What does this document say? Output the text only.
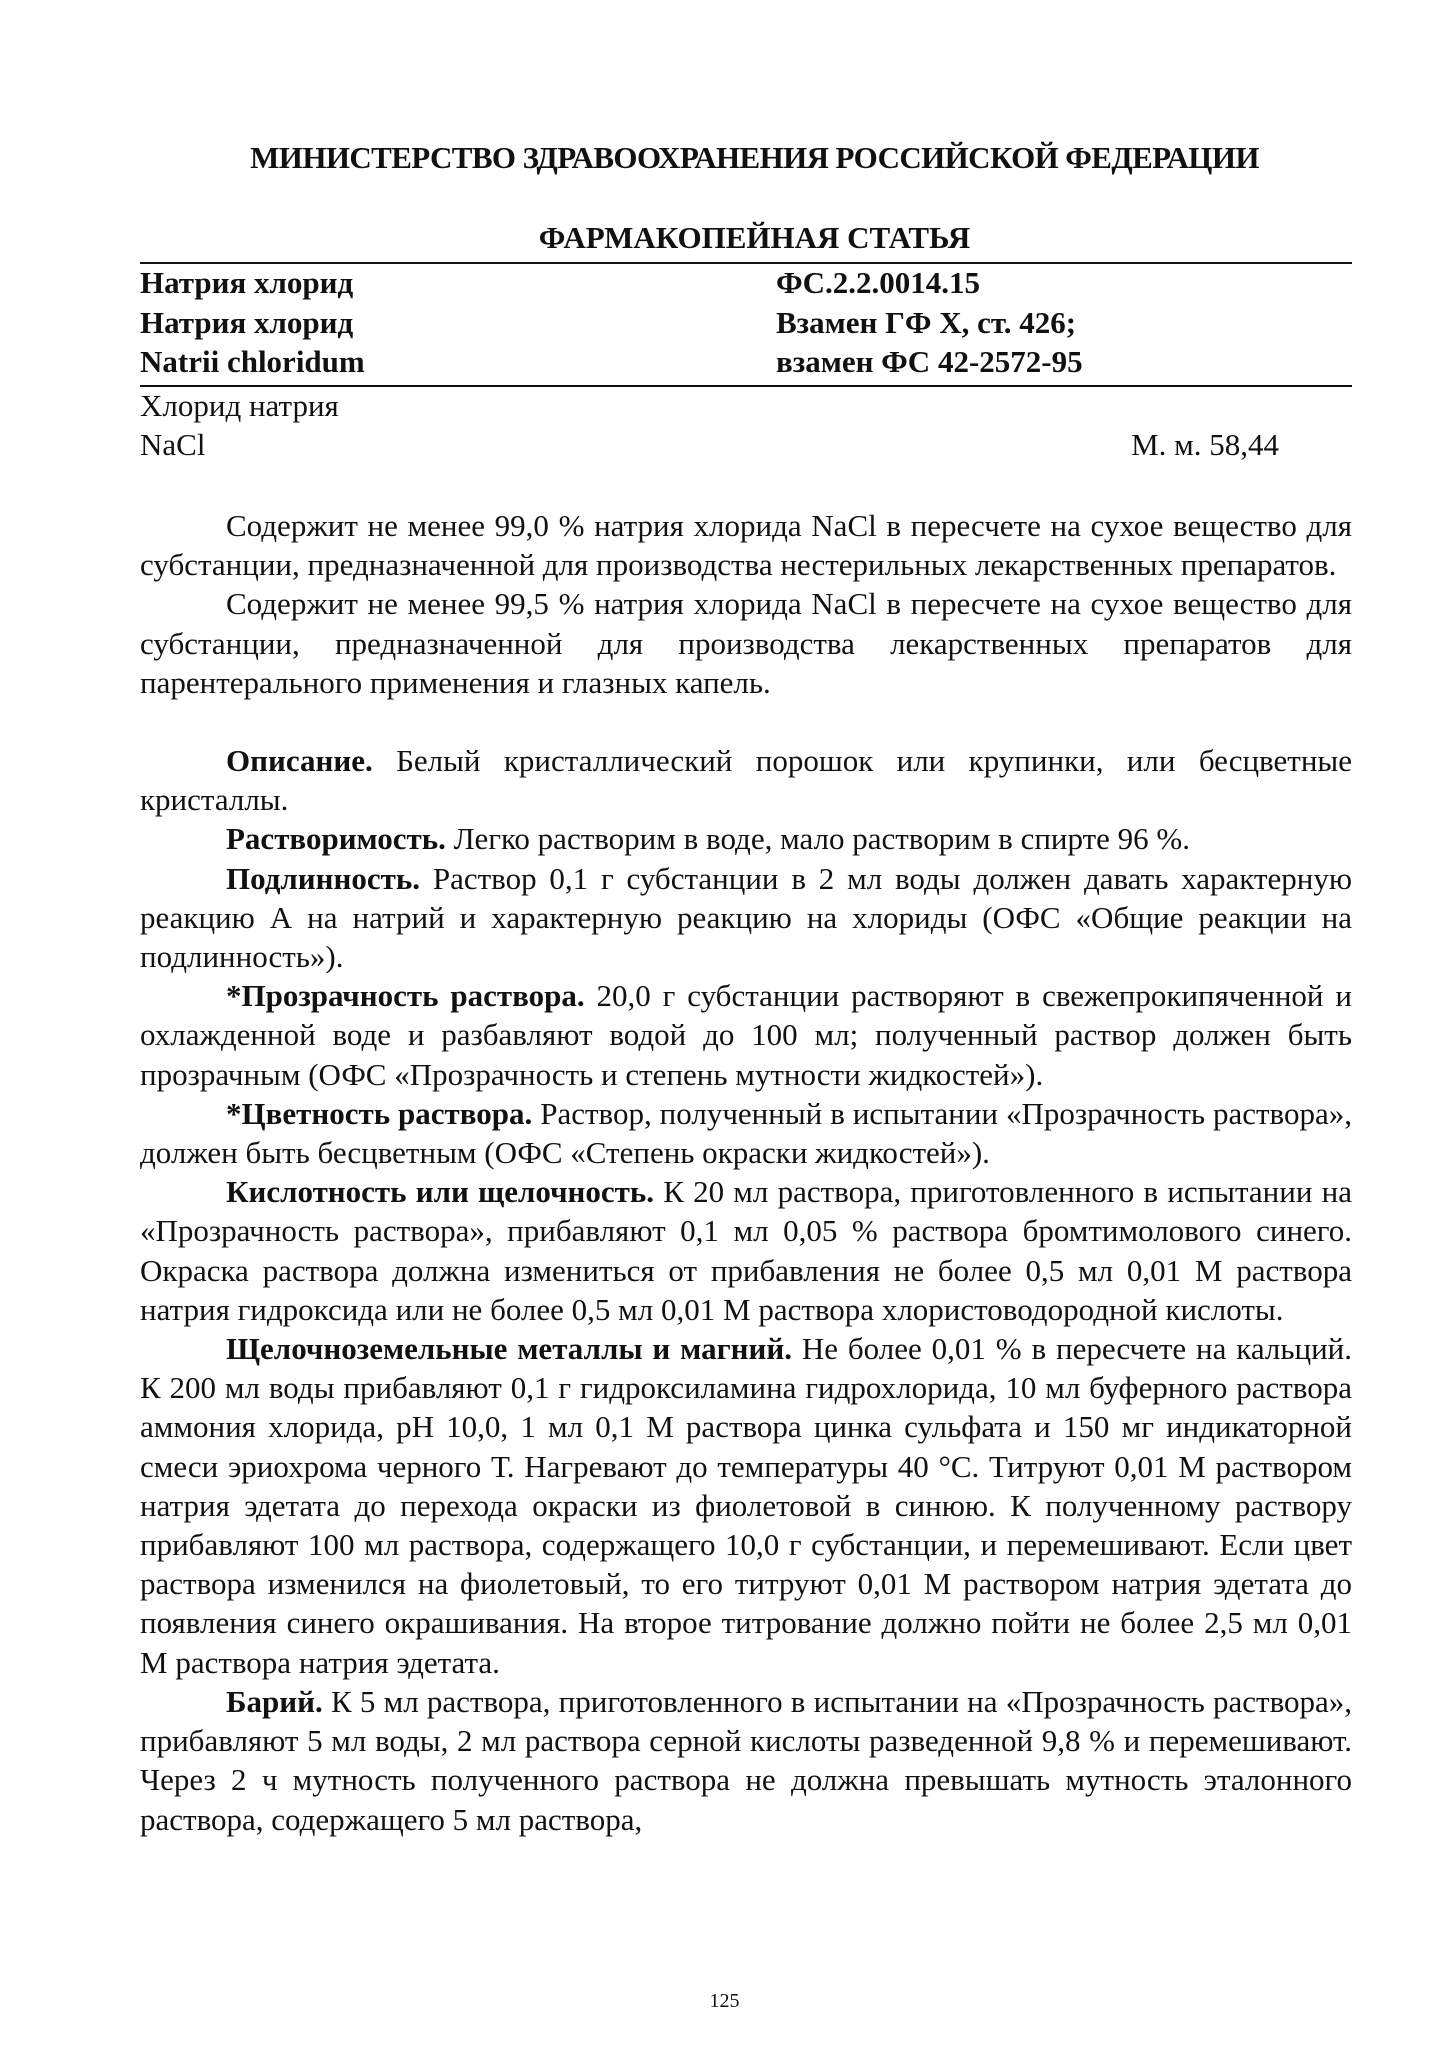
МИНИСТЕРСТВО ЗДРАВООХРАНЕНИЯ РОССИЙСКОЙ ФЕДЕРАЦИИ
ФАРМАКОПЕЙНАЯ СТАТЬЯ
Натрия хлорид	ФС.2.2.0014.15
Натрия хлорид	Взамен ГФ X, ст. 426;
Natrii chloridum	взамен ФС 42-2572-95
Хлорид натрия
NaCl	М. м. 58,44

Содержит не менее 99,0 % натрия хлорида NaCl в пересчете на сухое вещество для субстанции, предназначенной для производства нестерильных лекарственных препаратов.

Содержит не менее 99,5 % натрия хлорида NaCl в пересчете на сухое вещество для субстанции, предназначенной для производства лекарственных препаратов для парентерального применения и глазных капель.

Описание. Белый кристаллический порошок или крупинки, или бесцветные кристаллы.

Растворимость. Легко растворим в воде, мало растворим в спирте 96 %.

Подлинность. Раствор 0,1 г субстанции в 2 мл воды должен давать характерную реакцию А на натрий и характерную реакцию на хлориды (ОФС «Общие реакции на подлинность»).

*Прозрачность раствора. 20,0 г субстанции растворяют в свежепрокипяченной и охлажденной воде и разбавляют водой до 100 мл; полученный раствор должен быть прозрачным (ОФС «Прозрачность и степень мутности жидкостей»).

*Цветность раствора. Раствор, полученный в испытании «Прозрачность раствора», должен быть бесцветным (ОФС «Степень окраски жидкостей»).

Кислотность или щелочность. К 20 мл раствора, приготовленного в испытании на «Прозрачность раствора», прибавляют 0,1 мл 0,05 % раствора бромтимолового синего. Окраска раствора должна измениться от прибавления не более 0,5 мл 0,01 М раствора натрия гидроксида или не более 0,5 мл 0,01 М раствора хлористоводородной кислоты.

Щелочноземельные металлы и магний. Не более 0,01 % в пересчете на кальций. К 200 мл воды прибавляют 0,1 г гидроксиламина гидрохлорида, 10 мл буферного раствора аммония хлорида, pH 10,0, 1 мл 0,1 М раствора цинка сульфата и 150 мг индикаторной смеси эриохрома черного Т. Нагревают до температуры 40 °С. Титруют 0,01 М раствором натрия эдетата до перехода окраски из фиолетовой в синюю. К полученному раствору прибавляют 100 мл раствора, содержащего 10,0 г субстанции, и перемешивают. Если цвет раствора изменился на фиолетовый, то его титруют 0,01 М раствором натрия эдетата до появления синего окрашивания. На второе титрование должно пойти не более 2,5 мл 0,01 М раствора натрия эдетата.

Барий. К 5 мл раствора, приготовленного в испытании на «Прозрачность раствора», прибавляют 5 мл воды, 2 мл раствора серной кислоты разведенной 9,8 % и перемешивают. Через 2 ч мутность полученного раствора не должна превышать мутность эталонного раствора, содержащего 5 мл раствора,

125
